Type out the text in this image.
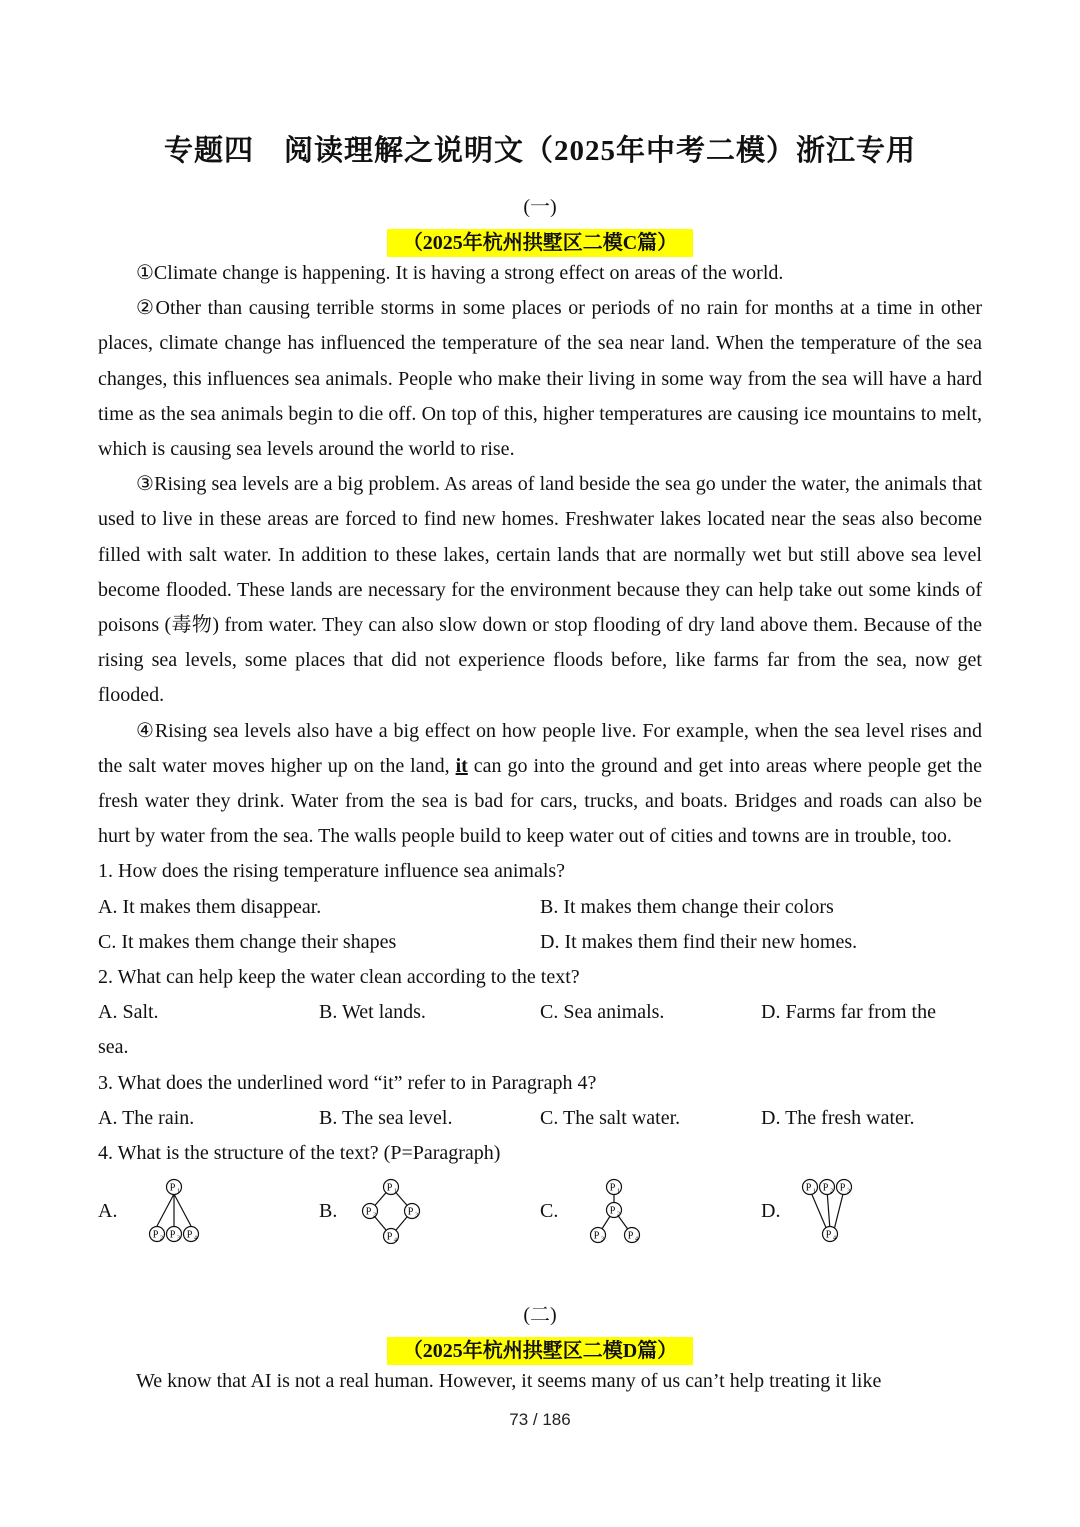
专题四　阅读理解之说明文（2025年中考二模）浙江专用
(一)
（2025年杭州拱墅区二模C篇）

①Climate change is happening. It is having a strong effect on areas of the world.

②Other than causing terrible storms in some places or periods of no rain for months at a time in other places, climate change has influenced the temperature of the sea near land. When the temperature of the sea changes, this influences sea animals. People who make their living in some way from the sea will have a hard time as the sea animals begin to die off. On top of this, higher temperatures are causing ice mountains to melt, which is causing sea levels around the world to rise.

③Rising sea levels are a big problem. As areas of land beside the sea go under the water, the animals that used to live in these areas are forced to find new homes. Freshwater lakes located near the seas also become filled with salt water. In addition to these lakes, certain lands that are normally wet but still above sea level become flooded. These lands are necessary for the environment because they can help take out some kinds of poisons (毒物) from water. They can also slow down or stop flooding of dry land above them. Because of the rising sea levels, some places that did not experience floods before, like farms far from the sea, now get flooded.

④Rising sea levels also have a big effect on how people live. For example, when the sea level rises and the salt water moves higher up on the land, it can go into the ground and get into areas where people get the fresh water they drink. Water from the sea is bad for cars, trucks, and boats. Bridges and roads can also be hurt by water from the sea. The walls people build to keep water out of cities and towns are in trouble, too.

1. How does the rising temperature influence sea animals?

A. It makes them disappear.	B. It makes them change their colors
C. It makes them change their shapes	D. It makes them find their new homes.

2. What can help keep the water clean according to the text?

A. Salt.	B. Wet lands.	C. Sea animals.	D. Farms far from the

sea.

3. What does the underlined word “it” refer to in Paragraph 4?

A. The rain.	B. The sea level.	C. The salt water.	D. The fresh water.

4. What is the structure of the text? (P=Paragraph)

A.
P 1
P 2 P 3 P 4
B.
P 1
P 2	P 3
P 4
C.
P 1
P 2
P 3 P 4
D.
P 1 P 2 P 3
P 4
(二)
（2025年杭州拱墅区二模D篇）

We know that AI is not a real human. However, it seems many of us can’t help treating it like

73 / 186
